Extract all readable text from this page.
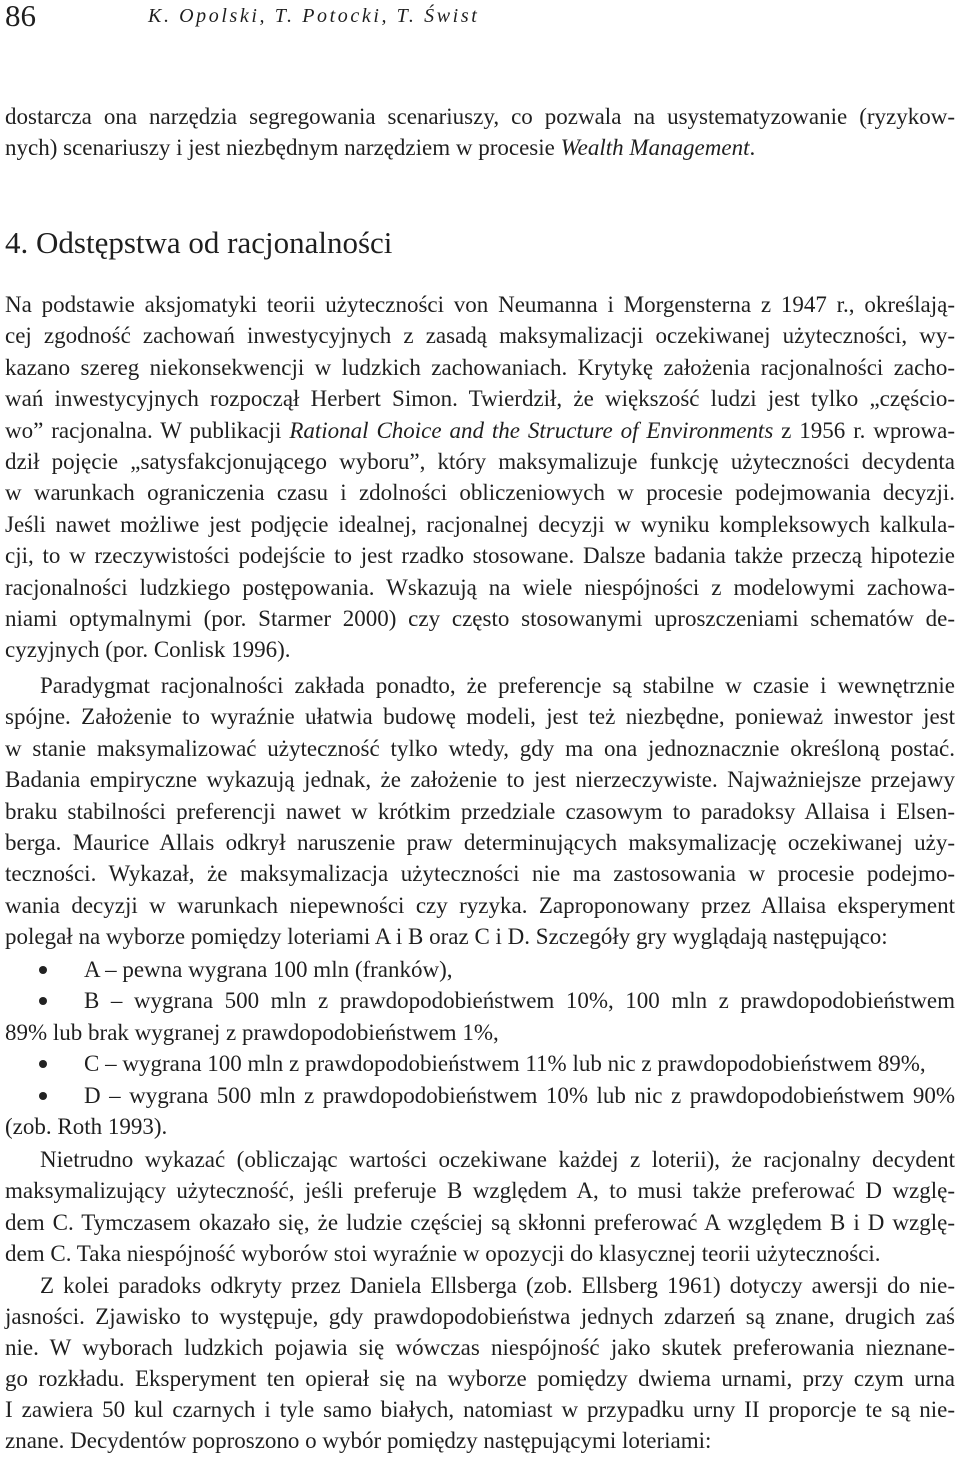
86	K. Opolski, T. Potocki, T. Świst
dostarcza ona narzędzia segregowania scenariuszy, co pozwala na usystematyzowanie (ryzykow-
nych) scenariuszy i jest niezbędnym narzędziem w procesie Wealth Management.
4. Odstępstwa od racjonalności
Na podstawie aksjomatyki teorii użyteczności von Neumanna i Morgensterna z 1947 r., określają-
cej zgodność zachowań inwestycyjnych z zasadą maksymalizacji oczekiwanej użyteczności, wy-
kazano szereg niekonsekwencji w ludzkich zachowaniach. Krytykę założenia racjonalności zacho-
wań inwestycyjnych rozpoczął Herbert Simon. Twierdził, że większość ludzi jest tylko „częścio-
wo” racjonalna. W publikacji Rational Choice and the Structure of Environments z 1956 r. wprowa-
dził pojęcie „satysfakcjonującego wyboru”, który maksymalizuje funkcję użyteczności decydenta
w warunkach ograniczenia czasu i zdolności obliczeniowych w procesie podejmowania decyzji.
Jeśli nawet możliwe jest podjęcie idealnej, racjonalnej decyzji w wyniku kompleksowych kalkula-
cji, to w rzeczywistości podejście to jest rzadko stosowane. Dalsze badania także przeczą hipotezie
racjonalności ludzkiego postępowania. Wskazują na wiele niespójności z modelowymi zachowa-
niami optymalnymi (por. Starmer 2000) czy często stosowanymi uproszczeniami schematów de-
cyzyjnych (por. Conlisk 1996).
Paradygmat racjonalności zakłada ponadto, że preferencje są stabilne w czasie i wewnętrznie
spójne. Założenie to wyraźnie ułatwia budowę modeli, jest też niezbędne, ponieważ inwestor jest
w stanie maksymalizować użyteczność tylko wtedy, gdy ma ona jednoznacznie określoną postać.
Badania empiryczne wykazują jednak, że założenie to jest nierzeczywiste. Najważniejsze przejawy
braku stabilności preferencji nawet w krótkim przedziale czasowym to paradoksy Allaisa i Elsen-
berga. Maurice Allais odkrył naruszenie praw determinujących maksymalizację oczekiwanej uży-
teczności. Wykazał, że maksymalizacja użyteczności nie ma zastosowania w procesie podejmo-
wania decyzji w warunkach niepewności czy ryzyka. Zaproponowany przez Allaisa eksperyment
polegał na wyborze pomiędzy loteriami A i B oraz C i D. Szczegóły gry wyglądają następująco:
A – pewna wygrana 100 mln (franków),
B – wygrana 500 mln z prawdopodobieństwem 10%, 100 mln z prawdopodobieństwem
89% lub brak wygranej z prawdopodobieństwem 1%,
C – wygrana 100 mln z prawdopodobieństwem 11% lub nic z prawdopodobieństwem 89%,
D – wygrana 500 mln z prawdopodobieństwem 10% lub nic z prawdopodobieństwem 90%
(zob. Roth 1993).
Nietrudno wykazać (obliczając wartości oczekiwane każdej z loterii), że racjonalny decydent
maksymalizujący użyteczność, jeśli preferuje B względem A, to musi także preferować D wzglę-
dem C. Tymczasem okazało się, że ludzie częściej są skłonni preferować A względem B i D wzglę-
dem C. Taka niespójność wyborów stoi wyraźnie w opozycji do klasycznej teorii użyteczności.
Z kolei paradoks odkryty przez Daniela Ellsberga (zob. Ellsberg 1961) dotyczy awersji do nie-
jasności. Zjawisko to występuje, gdy prawdopodobieństwa jednych zdarzeń są znane, drugich zaś
nie. W wyborach ludzkich pojawia się wówczas niespójność jako skutek preferowania nieznane-
go rozkładu. Eksperyment ten opierał się na wyborze pomiędzy dwiema urnami, przy czym urna
I zawiera 50 kul czarnych i tyle samo białych, natomiast w przypadku urny II proporcje te są nie-
znane. Decydentów poproszono o wybór pomiędzy następującymi loteriami:
